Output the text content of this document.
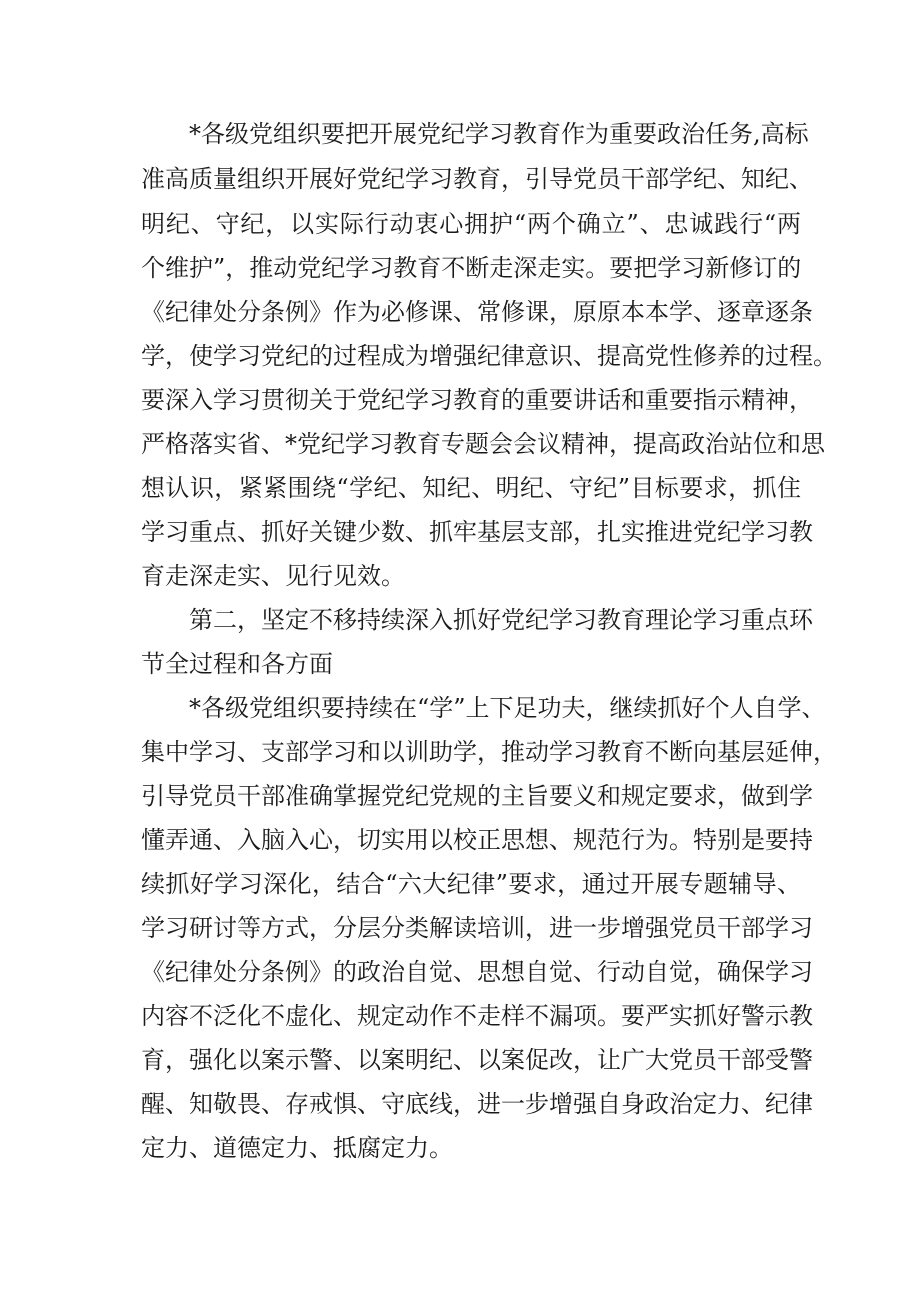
*各级党组织要把开展党纪学习教育作为重要政治任务,高标
准高质量组织开展好党纪学习教育，引导党员干部学纪、知纪、
明纪、守纪，以实际行动衷心拥护“两个确立”、忠诚践行“两
个维护”，推动党纪学习教育不断走深走实。要把学习新修订的
《纪律处分条例》作为必修课、常修课，原原本本学、逐章逐条
学，使学习党纪的过程成为增强纪律意识、提高党性修养的过程。
要深入学习贯彻关于党纪学习教育的重要讲话和重要指示精神，
严格落实省、*党纪学习教育专题会会议精神，提高政治站位和思
想认识，紧紧围绕“学纪、知纪、明纪、守纪”目标要求，抓住
学习重点、抓好关键少数、抓牢基层支部，扎实推进党纪学习教
育走深走实、见行见效。
第二，坚定不移持续深入抓好党纪学习教育理论学习重点环
节全过程和各方面
*各级党组织要持续在“学”上下足功夫，继续抓好个人自学、
集中学习、支部学习和以训助学，推动学习教育不断向基层延伸，
引导党员干部准确掌握党纪党规的主旨要义和规定要求，做到学
懂弄通、入脑入心，切实用以校正思想、规范行为。特别是要持
续抓好学习深化，结合“六大纪律”要求，通过开展专题辅导、
学习研讨等方式，分层分类解读培训，进一步增强党员干部学习
《纪律处分条例》的政治自觉、思想自觉、行动自觉，确保学习
内容不泛化不虚化、规定动作不走样不漏项。要严实抓好警示教
育，强化以案示警、以案明纪、以案促改，让广大党员干部受警
醒、知敬畏、存戒惧、守底线，进一步增强自身政治定力、纪律
定力、道德定力、抵腐定力。
